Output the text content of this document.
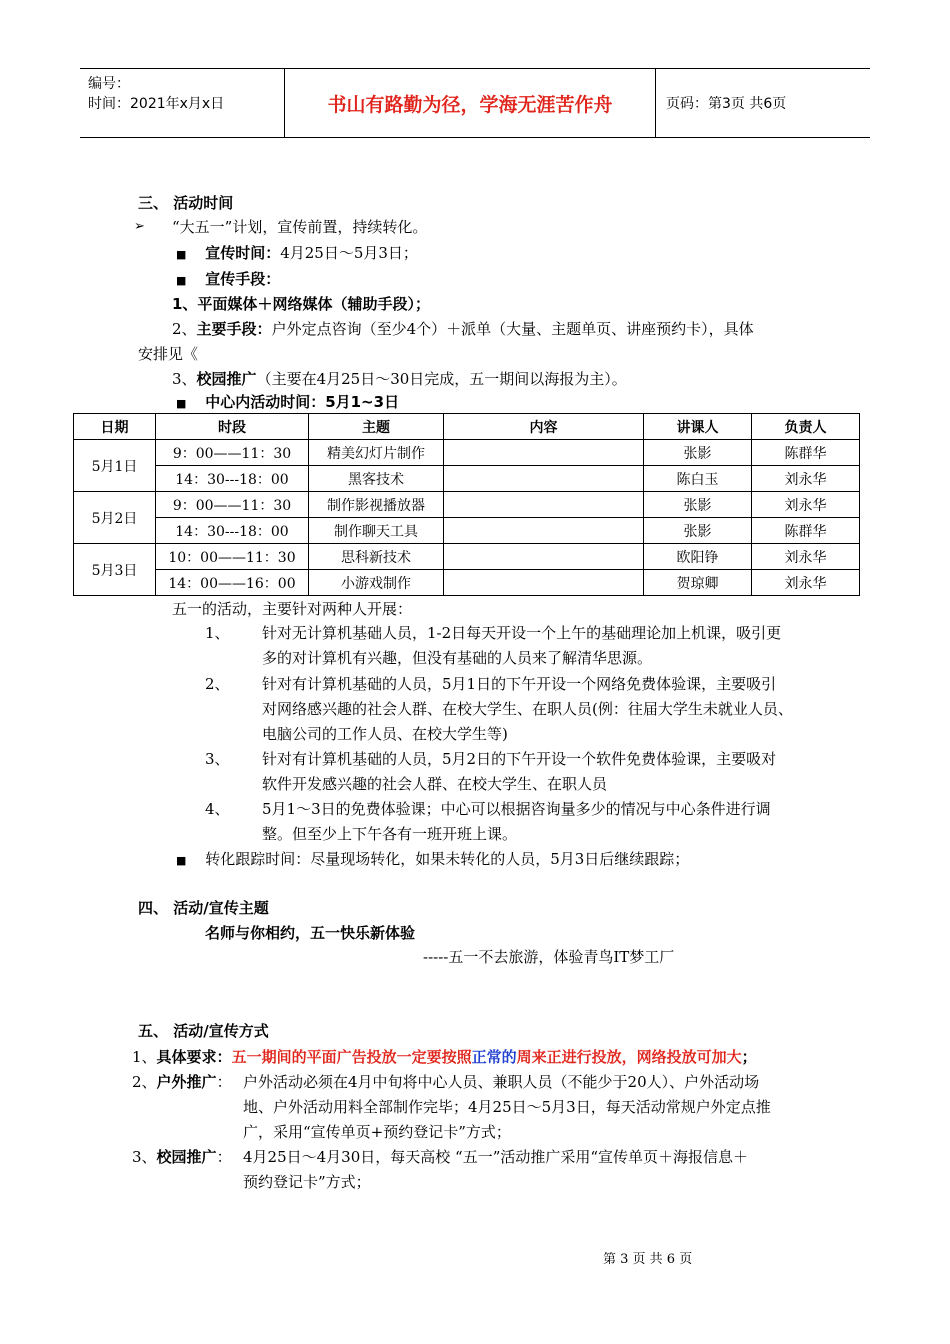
编号：
时间：2021年x月x日	书山有路勤为径，学海无涯苦作舟	页码：第3页 共6页
三、 活动时间
➢ “大五一”计划，宣传前置，持续转化。
■ 宣传时间：4月25日～5月3日；
■ 宣传手段：
1、平面媒体＋网络媒体（辅助手段）；
2、主要手段：户外定点咨询（至少4个）＋派单（大量、主题单页、讲座预约卡），具体
安排见《
3、校园推广（主要在4月25日～30日完成，五一期间以海报为主）。
■ 中心内活动时间：5月1~3日
日期	时段	主题	内容	讲课人	负责人
5月1日	9：00——11：30	精美幻灯片制作		张影	陈群华
	14：30---18：00	黑客技术		陈白玉	刘永华
5月2日	9：00——11：30	制作影视播放器		张影	刘永华
	14：30---18：00	制作聊天工具		张影	陈群华
5月3日	10：00——11：30	思科新技术		欧阳铮	刘永华
	14：00——16：00	小游戏制作		贺琼卿	刘永华
五一的活动，主要针对两种人开展：
1、 针对无计算机基础人员，1-2日每天开设一个上午的基础理论加上机课，吸引更
多的对计算机有兴趣，但没有基础的人员来了解清华思源。
2、 针对有计算机基础的人员，5月1日的下午开设一个网络免费体验课，主要吸引
对网络感兴趣的社会人群、在校大学生、在职人员(例：往届大学生未就业人员、
电脑公司的工作人员、在校大学生等)
3、 针对有计算机基础的人员，5月2日的下午开设一个软件免费体验课，主要吸对
软件开发感兴趣的社会人群、在校大学生、在职人员
4、 5月1～3日的免费体验课；中心可以根据咨询量多少的情况与中心条件进行调
整。但至少上下午各有一班开班上课。
■ 转化跟踪时间：尽量现场转化，如果未转化的人员，5月3日后继续跟踪；
四、 活动/宣传主题
名师与你相约，五一快乐新体验
-----五一不去旅游，体验青鸟IT梦工厂
五、 活动/宣传方式
1、具体要求：五一期间的平面广告投放一定要按照正常的周来正进行投放，网络投放可加大；
2、户外推广： 户外活动必须在4月中旬将中心人员、兼职人员（不能少于20人）、户外活动场
地、户外活动用料全部制作完毕；4月25日～5月3日，每天活动常规户外定点推
广，采用“宣传单页+预约登记卡”方式；
3、校园推广： 4月25日～4月30日，每天高校 “五一”活动推广采用“宣传单页＋海报信息＋
预约登记卡”方式；
第 3 页 共 6 页
